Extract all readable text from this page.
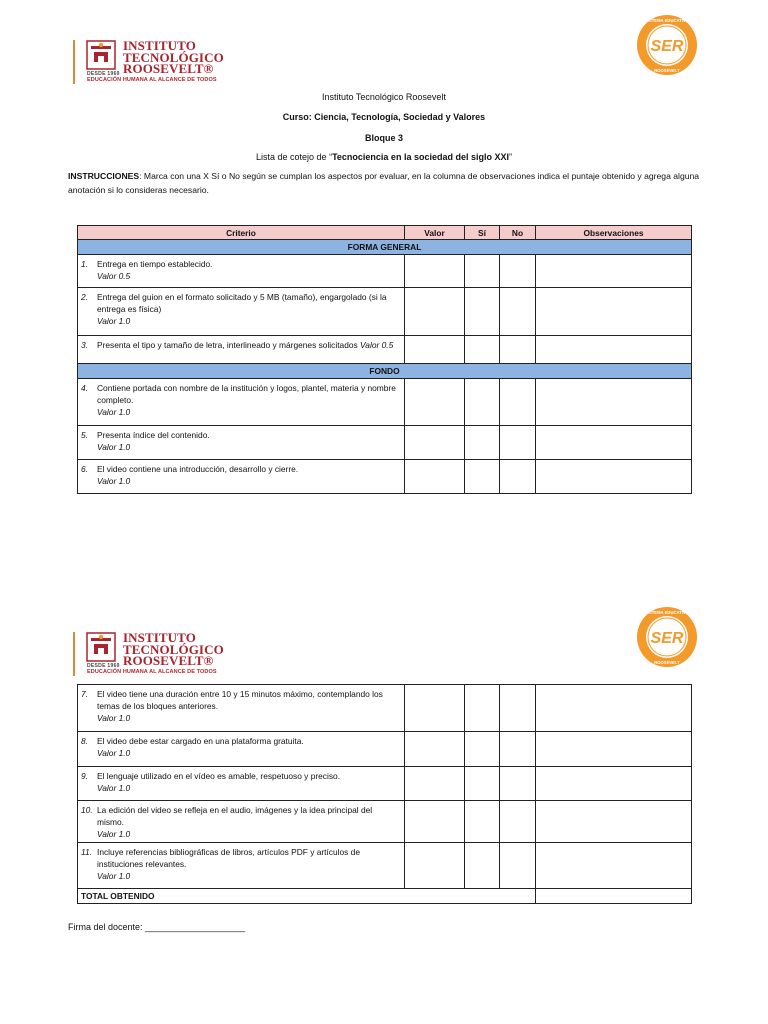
INSTITUTO
TECNOLÓGICO
ROOSEVELT®
DESDE 1969
EDUCACIÓN HUMANA AL ALCANCE DE TODOS
SER
SISTEMA EDUCATIVO
ROOSEVELT
Instituto Tecnológico Roosevelt
Curso: Ciencia, Tecnología, Sociedad y Valores
Bloque 3
Lista de cotejo de “Tecnociencia en la sociedad del siglo XXI”
INSTRUCCIONES: Marca con una X Sí o No según se cumplan los aspectos por evaluar, en la columna de observaciones indica el puntaje obtenido y agrega alguna anotación si lo consideras necesario.
Criterio	Valor	Sí	No	Observaciones
FORMA GENERAL				

1. Entrega en tiempo establecido.
Valor 0.5				

2. Entrega del guion en el formato solicitado y 5 MB (tamaño), engargolado (si la entrega es física)
Valor 1.0				

3. Presenta el tipo y tamaño de letra, interlineado y márgenes solicitados Valor 0.5				

FONDO				

4. Contiene portada con nombre de la institución y logos, plantel, materia y nombre completo.
Valor 1.0				

5. Presenta índice del contenido.
Valor 1.0				

6. El video contiene una introducción, desarrollo y cierre.
Valor 1.0				

INSTITUTO
TECNOLÓGICO
ROOSEVELT®
DESDE 1969
EDUCACIÓN HUMANA AL ALCANCE DE TODOS
SER
SISTEMA EDUCATIVO
ROOSEVELT
7. El video tiene una duración entre 10 y 15 minutos máximo, contemplando los temas de los bloques anteriores.
Valor 1.0				

8. El video debe estar cargado en una plataforma gratuita.
Valor 1.0				

9. El lenguaje utilizado en el vídeo es amable, respetuoso y preciso.
Valor 1.0				

10. La edición del video se refleja en el audio, imágenes y la idea principal del mismo.
Valor 1.0				

11. Incluye referencias bibliográficas de libros, artículos PDF y artículos de instituciones relevantes.
Valor 1.0				

TOTAL OBTENIDO				
Firma del docente: ____________________
